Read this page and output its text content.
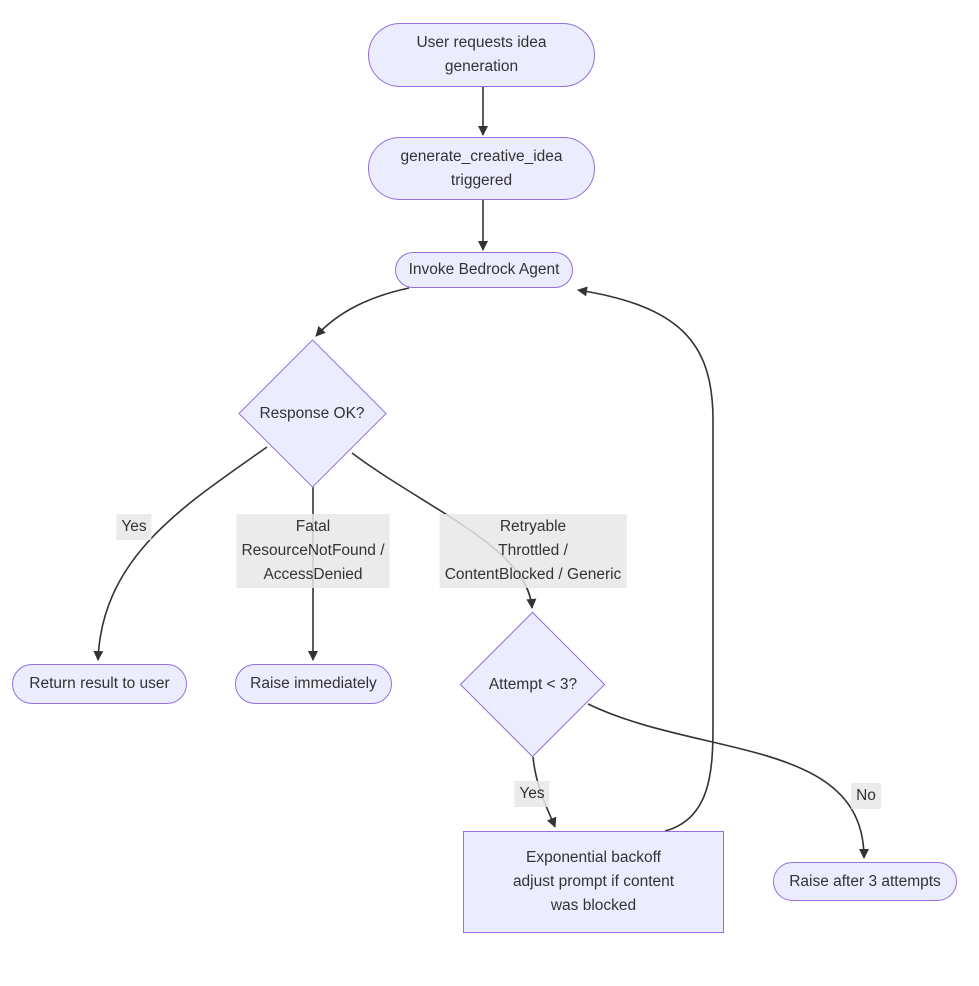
Yes	Fatal
ResourceNotFound /
AccessDenied
Retryable
Throttled /
ContentBlocked / Generic
Yes	No
User requests idea
generation
generate_creative_idea
triggered
Invoke Bedrock Agent
Response OK?
Return result to user	Raise immediately	Attempt < 3?
Exponential backoff
adjust prompt if content
was blocked
Raise after 3 attempts
